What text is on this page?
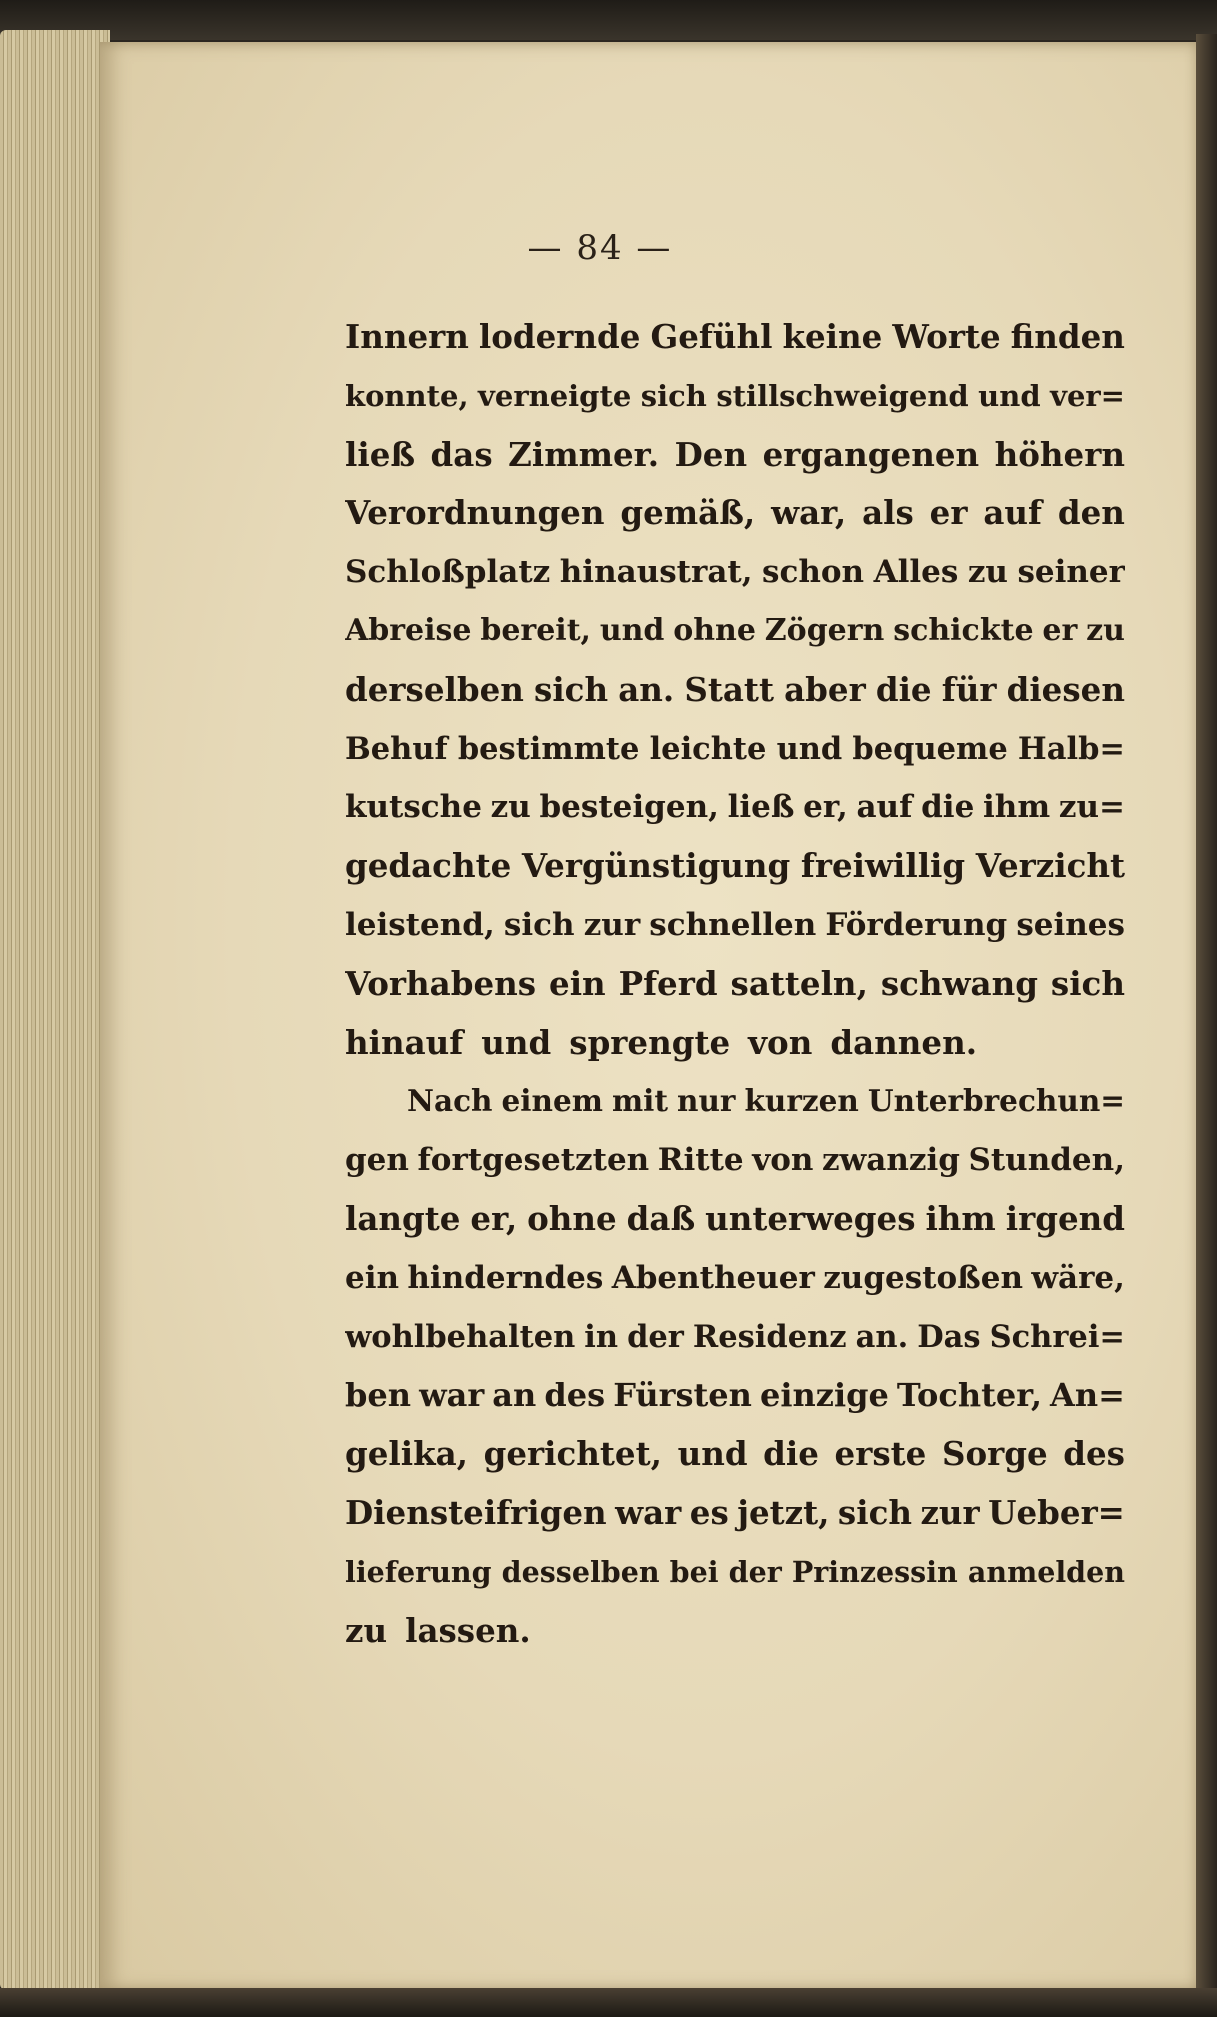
— 84 —
Innern lodernde Gefühl keine Worte finden
konnte, verneigte sich stillschweigend und ver=
ließ das Zimmer. Den ergangenen höhern
Verordnungen gemäß, war, als er auf den
Schloßplatz hinaustrat, schon Alles zu seiner
Abreise bereit, und ohne Zögern schickte er zu
derselben sich an. Statt aber die für diesen
Behuf bestimmte leichte und bequeme Halb=
kutsche zu besteigen, ließ er, auf die ihm zu=
gedachte Vergünstigung freiwillig Verzicht
leistend, sich zur schnellen Förderung seines
Vorhabens ein Pferd satteln, schwang sich
hinauf und sprengte von dannen.
Nach einem mit nur kurzen Unterbrechun=
gen fortgesetzten Ritte von zwanzig Stunden,
langte er, ohne daß unterweges ihm irgend
ein hinderndes Abentheuer zugestoßen wäre,
wohlbehalten in der Residenz an. Das Schrei=
ben war an des Fürsten einzige Tochter, An=
gelika, gerichtet, und die erste Sorge des
Diensteifrigen war es jetzt, sich zur Ueber=
lieferung desselben bei der Prinzessin anmelden
zu lassen.
